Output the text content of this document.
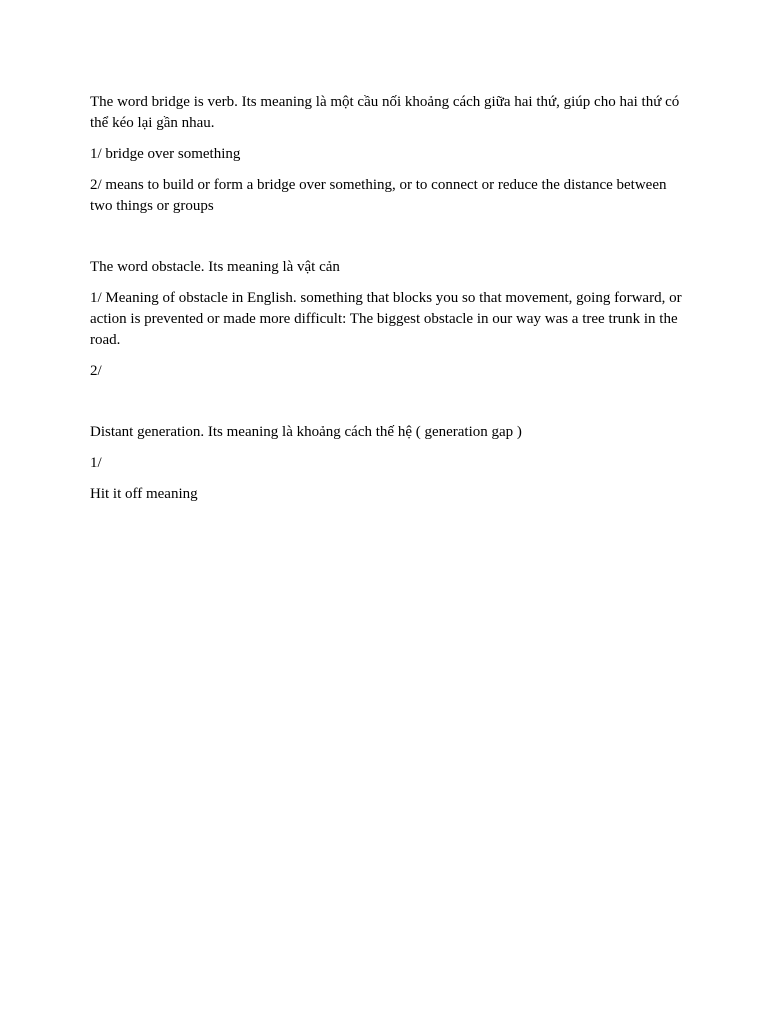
The word bridge is verb. Its meaning là một cầu nối khoảng cách giữa hai thứ, giúp cho hai thứ có thể kéo lại gần nhau.

1/ bridge over something

2/ means to build or form a bridge over something, or to connect or reduce the distance between two things or groups

The word obstacle. Its meaning là vật cản

1/ Meaning of obstacle in English. something that blocks you so that movement, going forward, or action is prevented or made more difficult: The biggest obstacle in our way was a tree trunk in the road.

2/

Distant generation. Its meaning là khoảng cách thế hệ ( generation gap )

1/

Hit it off meaning
